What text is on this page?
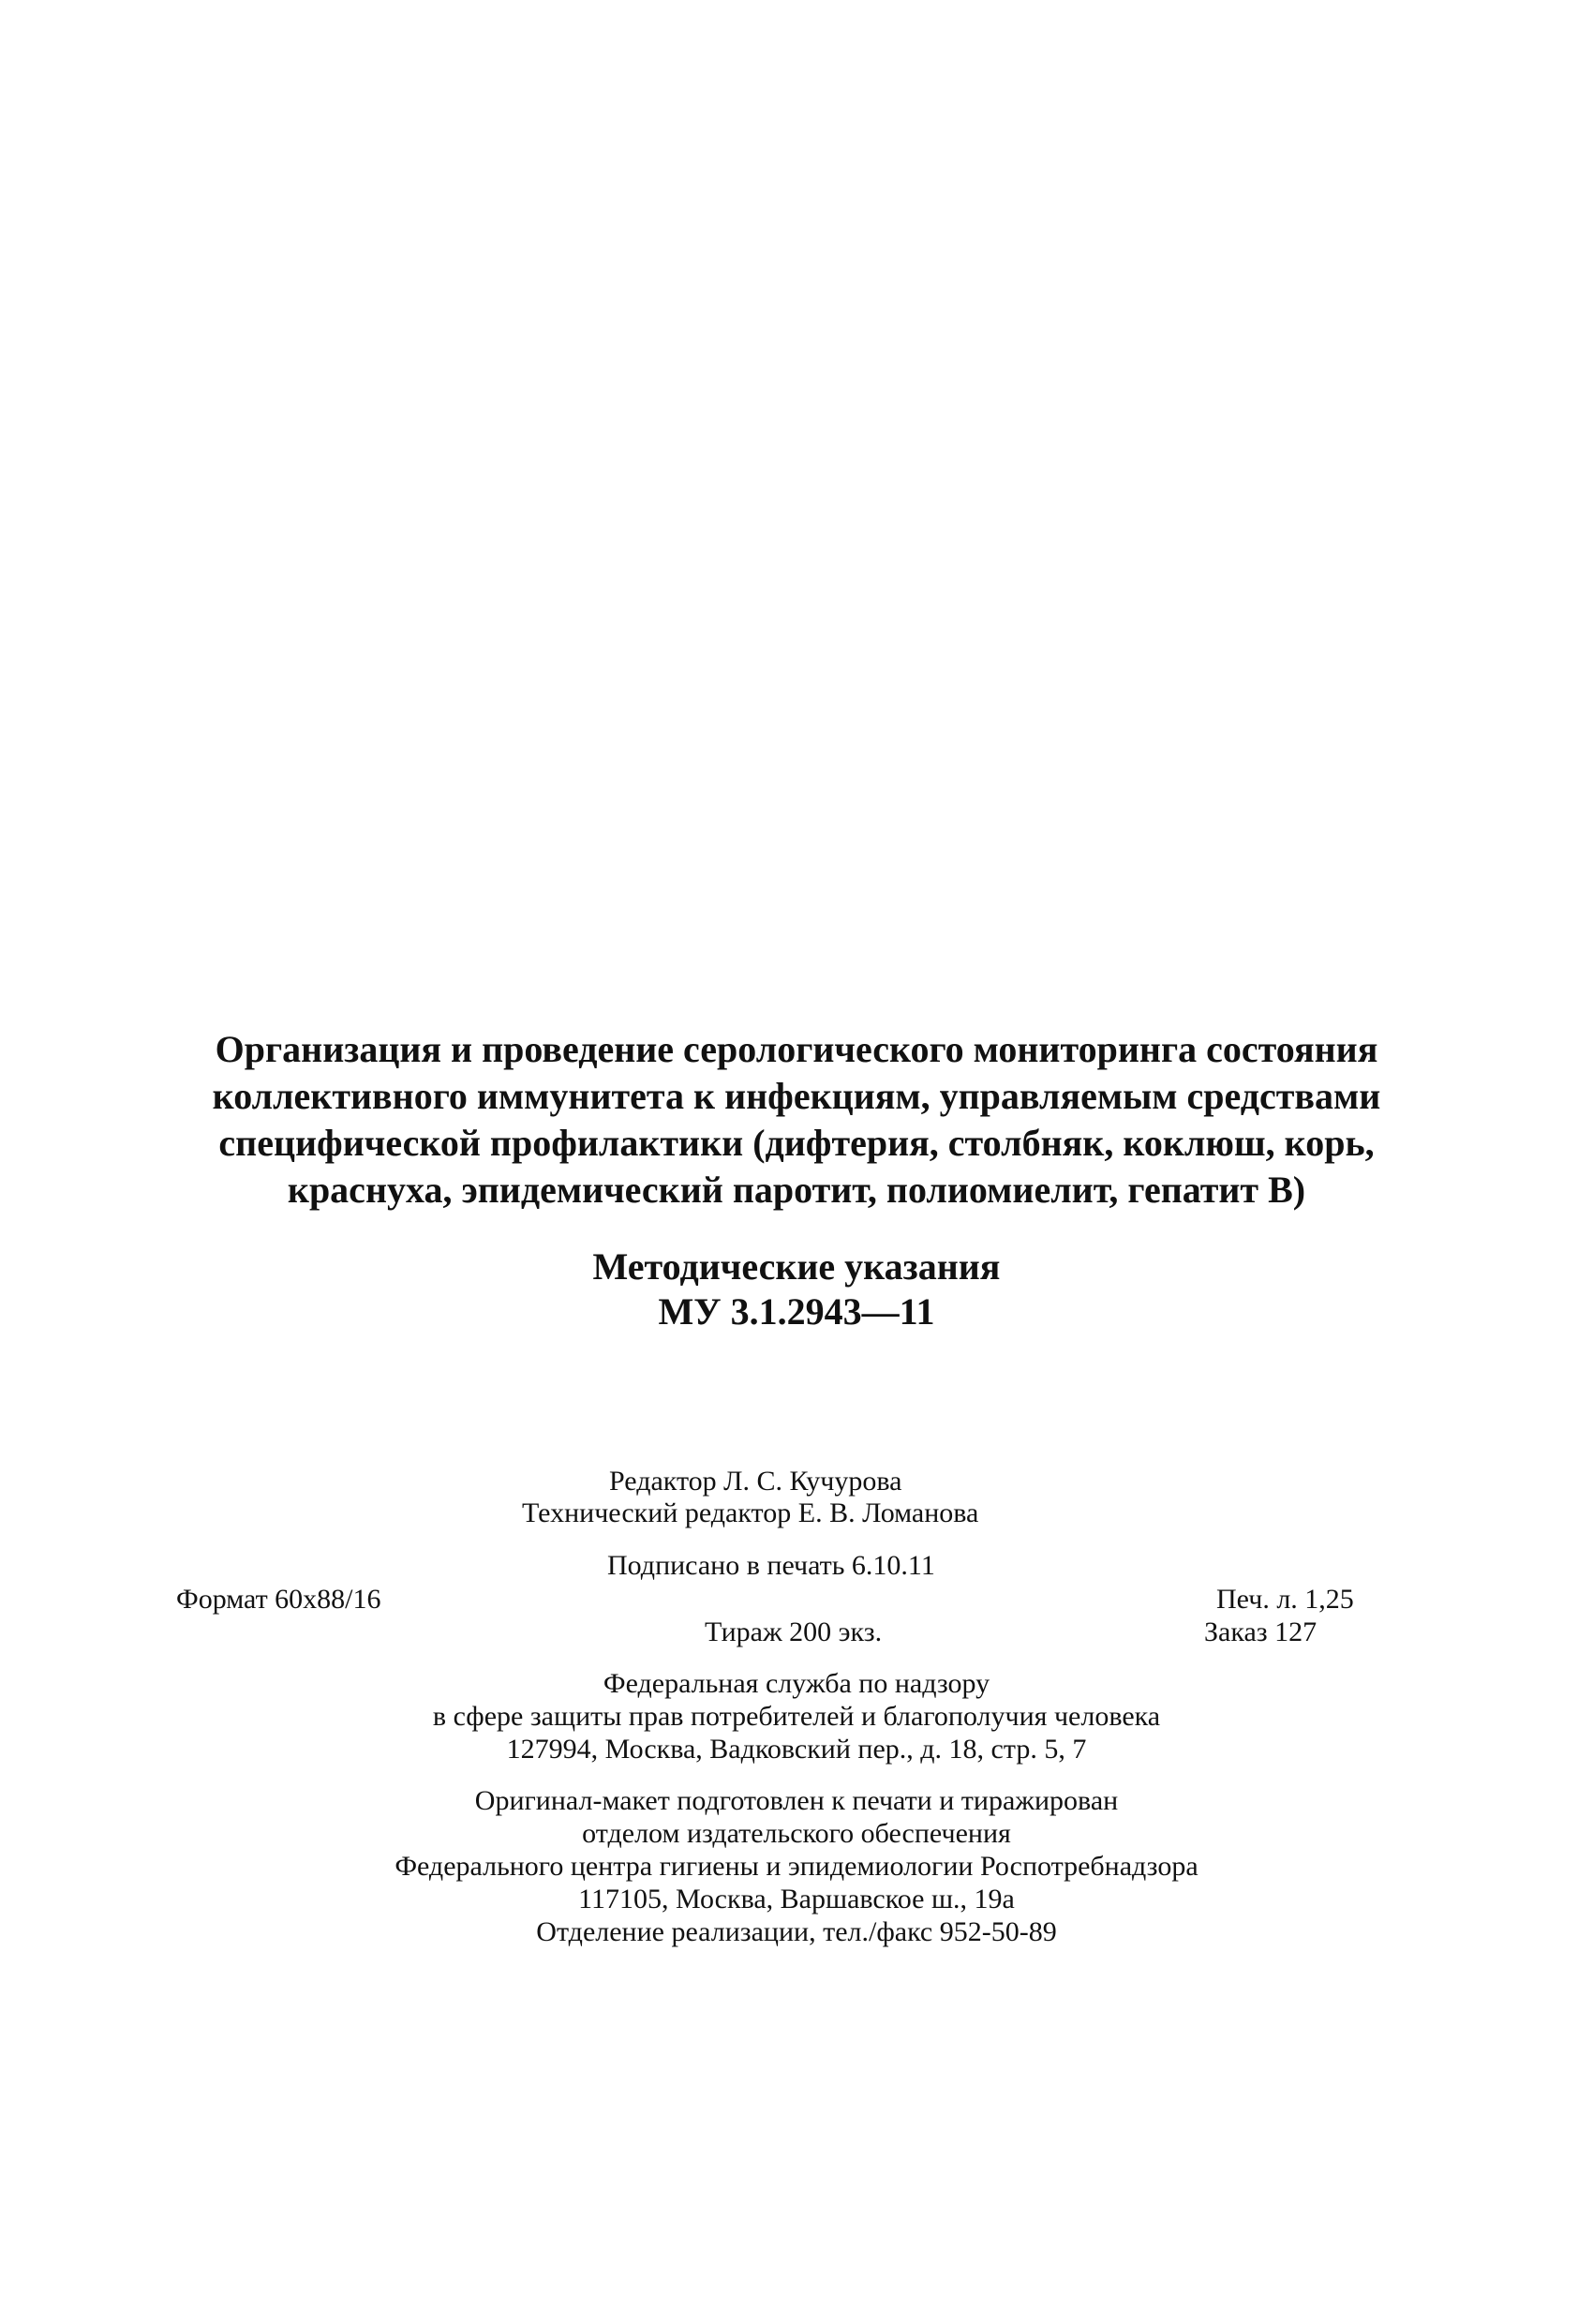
Организация и проведение серологического мониторинга состояния
коллективного иммунитета к инфекциям, управляемым средствами
специфической профилактики (дифтерия, столбняк, коклюш, корь,
краснуха, эпидемический паротит, полиомиелит, гепатит В)
Методические указания
МУ 3.1.2943—11
Редактор Л. С. Кучурова
Технический редактор Е. В. Ломанова
Подписано в печать 6.10.11
Формат 60x88/16	Печ. л. 1,25
Тираж 200 экз.	Заказ 127
Федеральная служба по надзору
в сфере защиты прав потребителей и благополучия человека
127994, Москва, Вадковский пер., д. 18, стр. 5, 7
Оригинал-макет подготовлен к печати и тиражирован
отделом издательского обеспечения
Федерального центра гигиены и эпидемиологии Роспотребнадзора
117105, Москва, Варшавское ш., 19а
Отделение реализации, тел./факс 952-50-89
